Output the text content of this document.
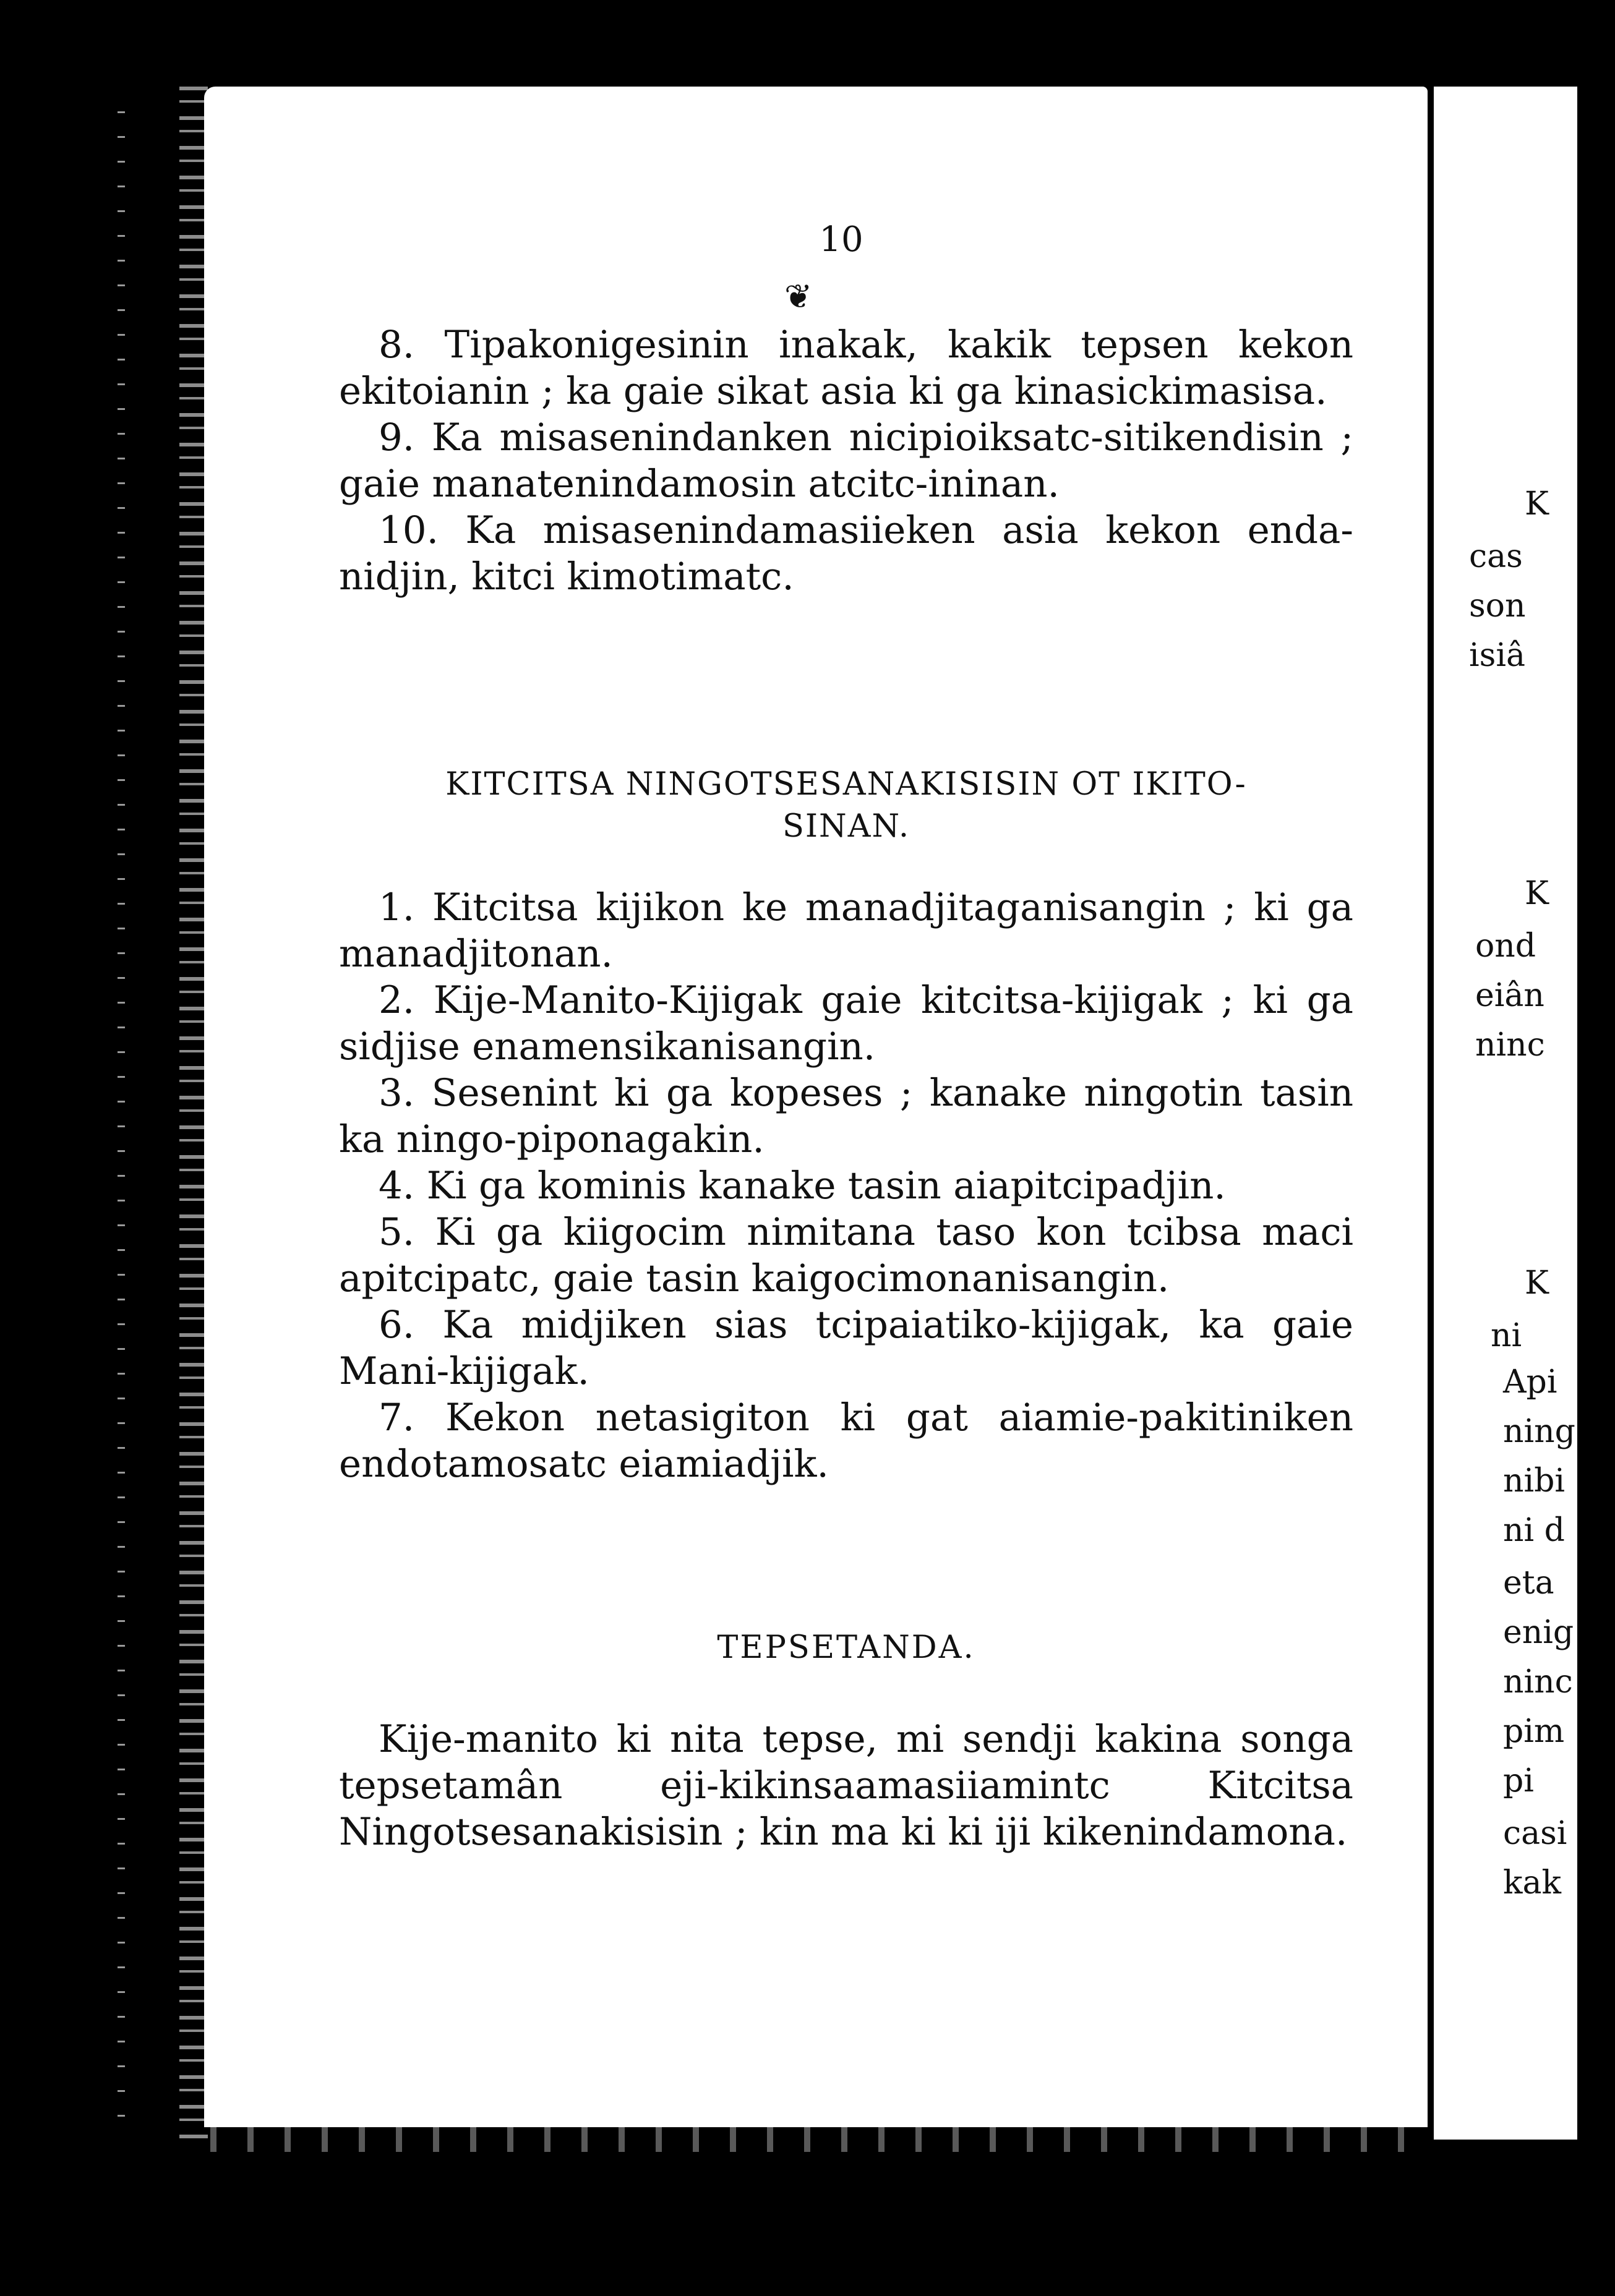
10
❦

8. Tipakonigesinin inakak, kakik tepsen kekon ekitoianin ; ka gaie sikat asia ki ga kinasickimasisa.

9. Ka misasenindanken nicipioiksatc-sitikendisin ; gaie manatenindamosin atcitc-ininan.

10. Ka misasenindamasiieken asia kekon endanidjin, kitci kimotimatc.

KITCITSA NINGOTSESANAKISISIN OT IKITO-
SINAN.

1. Kitcitsa kijikon ke manadjitaganisangin ; ki ga manadjitonan.

2. Kije-Manito-Kijigak gaie kitcitsa-kijigak ; ki ga sidjise enamensikanisangin.

3. Sesenint ki ga kopeses ; kanake ningotin tasin ka ningo-piponagakin.

4. Ki ga kominis kanake tasin aiapitcipadjin.

5. Ki ga kiigocim nimitana taso kon tcibsa maci apitcipatc, gaie tasin kaigocimonanisangin.

6. Ka midjiken sias tcipaiatiko-kijigak, ka gaie Mani-kijigak.

7. Kekon netasigiton ki gat aiamie-pakitiniken endotamosatc eiamiadjik.

TEPSETANDA.

Kije-manito ki nita tepse, mi sendji kakina songa tepsetamân eji-kikinsaamasiiamintc Kitcitsa Ningotsesanakisisin ; kin ma ki ki iji kikenindamona.

K
cas
son
isiâ
K
ond
eiân
ninc
K
ni
Api
ning
nibi
ni d
eta
enig
ninc
pim
pi
casi
kak
